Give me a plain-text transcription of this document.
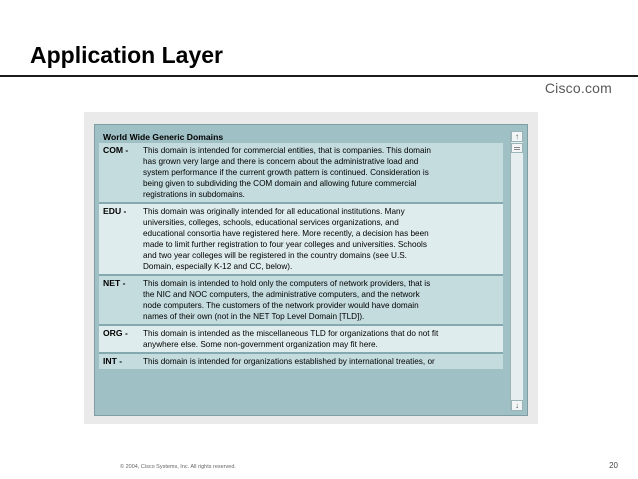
Application Layer
Cisco.com
World Wide Generic Domains
COM -	This domain is intended for commercial entities, that is companies. This domain
has grown very large and there is concern about the administrative load and
system performance if the current growth pattern is continued. Consideration is
being given to subdividing the COM domain and allowing future commercial
registrations in subdomains.
EDU -	This domain was originally intended for all educational institutions. Many
universities, colleges, schools, educational services organizations, and
educational consortia have registered here. More recently, a decision has been
made to limit further registration to four year colleges and universities. Schools
and two year colleges will be registered in the country domains (see U.S.
Domain, especially K-12 and CC, below).
NET -	This domain is intended to hold only the computers of network providers, that is
the NIC and NOC computers, the administrative computers, and the network
node computers. The customers of the network provider would have domain
names of their own (not in the NET Top Level Domain [TLD]).
ORG -	This domain is intended as the miscellaneous TLD for organizations that do not fit
anywhere else. Some non-government organization may fit here.
INT -	This domain is intended for organizations established by international treaties, or
↑
↓
© 2004, Cisco Systems, Inc. All rights reserved.	20
